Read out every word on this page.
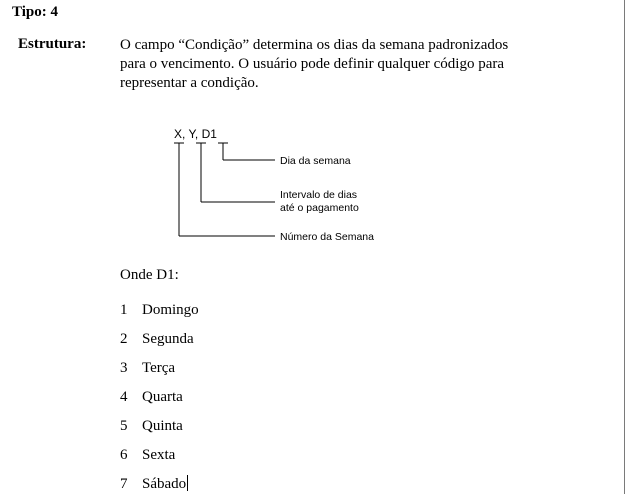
Tipo: 4
Estrutura: O campo “Condição” determina os dias da semana padronizados
para o vencimento. O usuário pode definir qualquer código para
representar a condição.
X, Y, D1
Dia da semana
Intervalo de dias
até o pagamento
Número da Semana
Onde D1:
1 Domingo
2 Segunda
3 Terça
4 Quarta
5 Quinta
6 Sexta
7 Sábado
